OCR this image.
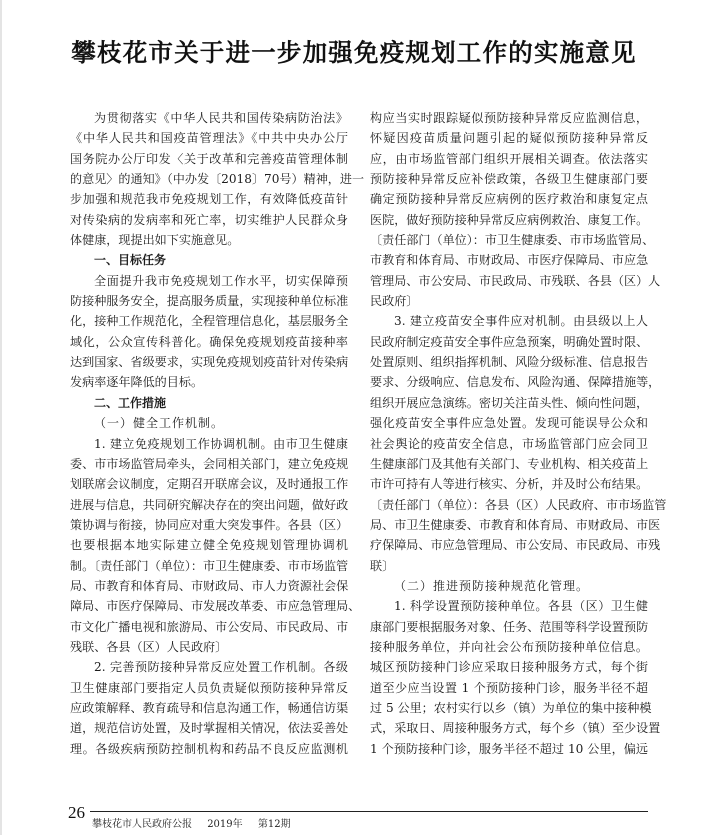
攀枝花市关于进一步加强免疫规划工作的实施意见
为贯彻落实《中华人民共和国传染病防治法》
《中华人民共和国疫苗管理法》《中共中央办公厅
国务院办公厅印发〈关于改革和完善疫苗管理体制
的意见〉的通知》（中办发〔2018〕70号）精神，进一
步加强和规范我市免疫规划工作，有效降低疫苗针
对传染病的发病率和死亡率，切实维护人民群众身
体健康，现提出如下实施意见。
一、目标任务
全面提升我市免疫规划工作水平，切实保障预
防接种服务安全，提高服务质量，实现接种单位标准
化，接种工作规范化，全程管理信息化，基层服务全
域化，公众宣传科普化。确保免疫规划疫苗接种率
达到国家、省级要求，实现免疫规划疫苗针对传染病
发病率逐年降低的目标。
二、工作措施
（一）健全工作机制。
1. 建立免疫规划工作协调机制。由市卫生健康
委、市市场监管局牵头，会同相关部门，建立免疫规
划联席会议制度，定期召开联席会议，及时通报工作
进展与信息，共同研究解决存在的突出问题，做好政
策协调与衔接，协同应对重大突发事件。各县（区）
也要根据本地实际建立健全免疫规划管理协调机
制。〔责任部门（单位）：市卫生健康委、市市场监管
局、市教育和体育局、市财政局、市人力资源社会保
障局、市医疗保障局、市发展改革委、市应急管理局、
市文化广播电视和旅游局、市公安局、市民政局、市
残联、各县（区）人民政府〕
2. 完善预防接种异常反应处置工作机制。各级
卫生健康部门要指定人员负责疑似预防接种异常反
应政策解释、教育疏导和信息沟通工作，畅通信访渠
道，规范信访处置，及时掌握相关情况，依法妥善处
理。各级疾病预防控制机构和药品不良反应监测机
构应当实时跟踪疑似预防接种异常反应监测信息，
怀疑因疫苗质量问题引起的疑似预防接种异常反
应，由市场监管部门组织开展相关调查。依法落实
预防接种异常反应补偿政策，各级卫生健康部门要
确定预防接种异常反应病例的医疗救治和康复定点
医院，做好预防接种异常反应病例救治、康复工作。
〔责任部门（单位）：市卫生健康委、市市场监管局、
市教育和体育局、市财政局、市医疗保障局、市应急
管理局、市公安局、市民政局、市残联、各县（区）人
民政府〕
3. 建立疫苗安全事件应对机制。由县级以上人
民政府制定疫苗安全事件应急预案，明确处置时限、
处置原则、组织指挥机制、风险分级标准、信息报告
要求、分级响应、信息发布、风险沟通、保障措施等，
组织开展应急演练。密切关注苗头性、倾向性问题，
强化疫苗安全事件应急处置。发现可能误导公众和
社会舆论的疫苗安全信息，市场监管部门应会同卫
生健康部门及其他有关部门、专业机构、相关疫苗上
市许可持有人等进行核实、分析，并及时公布结果。
〔责任部门（单位）：各县（区）人民政府、市市场监管
局、市卫生健康委、市教育和体育局、市财政局、市医
疗保障局、市应急管理局、市公安局、市民政局、市残
联〕
（二）推进预防接种规范化管理。
1. 科学设置预防接种单位。各县（区）卫生健
康部门要根据服务对象、任务、范围等科学设置预防
接种服务单位，并向社会公布预防接种单位信息。
城区预防接种门诊应采取日接种服务方式，每个街
道至少应当设置 1 个预防接种门诊，服务半径不超
过 5 公里；农村实行以乡（镇）为单位的集中接种模
式，采取日、周接种服务方式，每个乡（镇）至少设置
1 个预防接种门诊，服务半径不超过 10 公里，偏远
26
攀枝花市人民政府公报 2019年 第12期
